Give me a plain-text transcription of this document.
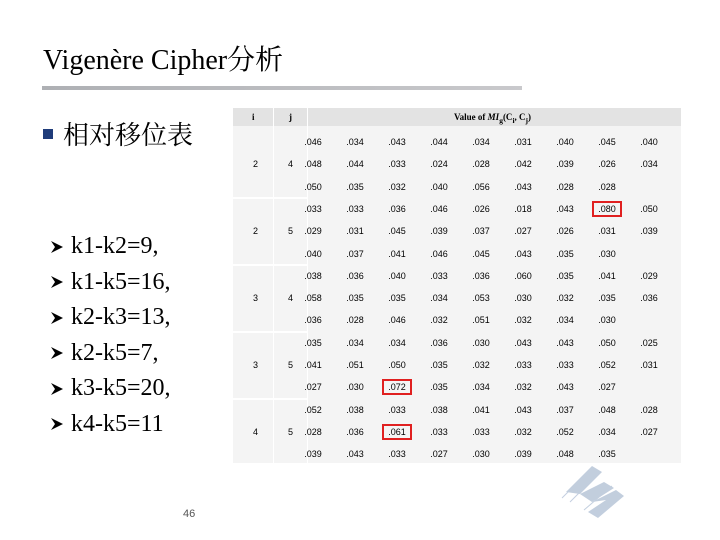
Vigenère Cipher分析
相对移位表
k1-k2=9,
k1-k5=16,
k2-k3=13,
k2-k5=7,
k3-k5=20,
k4-k5=11
46
i	j	Value of $MI_g(C_i$, $C_j$)
2	4
.046	.034	.043	.044	.034	.031	.040	.045	.040
.048	.044	.033	.024	.028	.042	.039	.026	.034
.050	.035	.032	.040	.056	.043	.028	.028
2	5
.033	.033	.036	.046	.026	.018	.043	.080	.050
.029	.031	.045	.039	.037	.027	.026	.031	.039
.040	.037	.041	.046	.045	.043	.035	.030
3	4
.038	.036	.040	.033	.036	.060	.035	.041	.029
.058	.035	.035	.034	.053	.030	.032	.035	.036
.036	.028	.046	.032	.051	.032	.034	.030
3	5
.035	.034	.034	.036	.030	.043	.043	.050	.025
.041	.051	.050	.035	.032	.033	.033	.052	.031
.027	.030	.072	.035	.034	.032	.043	.027
4	5
.052	.038	.033	.038	.041	.043	.037	.048	.028
.028	.036	.061	.033	.033	.032	.052	.034	.027
.039	.043	.033	.027	.030	.039	.048	.035
